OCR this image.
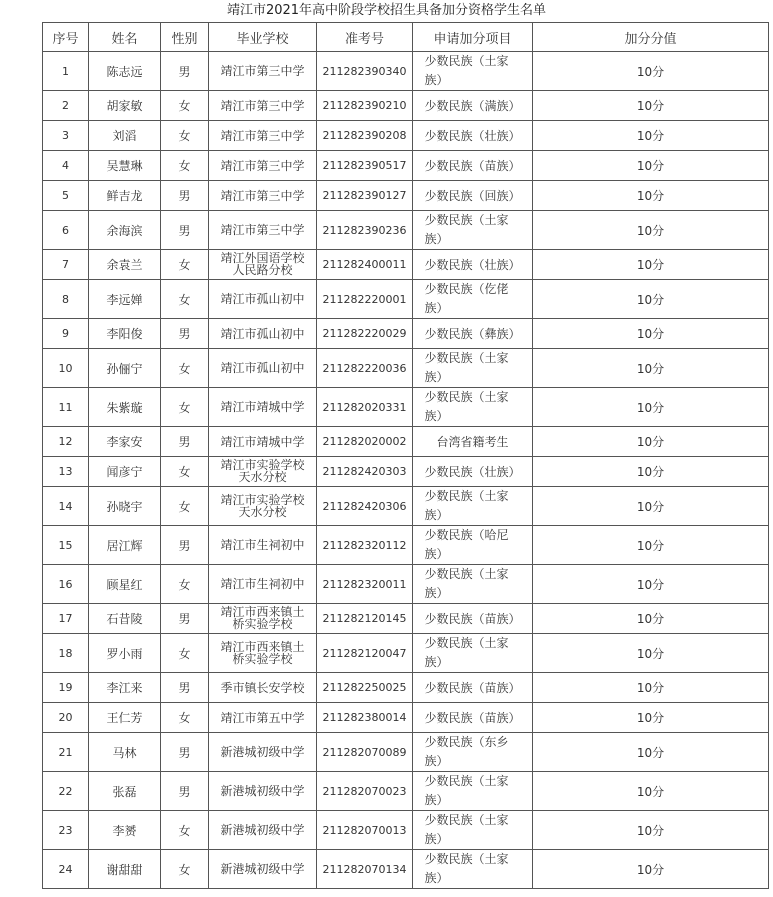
靖江市2021年高中阶段学校招生具备加分资格学生名单
序号	姓名	性别	毕业学校	准考号	申请加分项目	加分分值
1	陈志远	男	靖江市第三中学	211282390340	少数民族（土家族）	10分
2	胡家敏	女	靖江市第三中学	211282390210	少数民族（满族）	10分
3	刘滔	女	靖江市第三中学	211282390208	少数民族（壮族）	10分
4	吴慧琳	女	靖江市第三中学	211282390517	少数民族（苗族）	10分
5	鲜吉龙	男	靖江市第三中学	211282390127	少数民族（回族）	10分
6	余海滨	男	靖江市第三中学	211282390236	少数民族（土家族）	10分
7	余袁兰	女	靖江外国语学校人民路分校	211282400011	少数民族（壮族）	10分
8	李远婵	女	靖江市孤山初中	211282220001	少数民族（仡佬族）	10分
9	李阳俊	男	靖江市孤山初中	211282220029	少数民族（彝族）	10分
10	孙俪宁	女	靖江市孤山初中	211282220036	少数民族（土家族）	10分
11	朱紫璇	女	靖江市靖城中学	211282020331	少数民族（土家族）	10分
12	李家安	男	靖江市靖城中学	211282020002	台湾省籍考生	10分
13	闻彦宁	女	靖江市实验学校天水分校	211282420303	少数民族（壮族）	10分
14	孙晓宇	女	靖江市实验学校天水分校	211282420306	少数民族（土家族）	10分
15	居江辉	男	靖江市生祠初中	211282320112	少数民族（哈尼族）	10分
16	顾星红	女	靖江市生祠初中	211282320011	少数民族（土家族）	10分
17	石昔陵	男	靖江市西来镇土桥实验学校	211282120145	少数民族（苗族）	10分
18	罗小雨	女	靖江市西来镇土桥实验学校	211282120047	少数民族（土家族）	10分
19	李江来	男	季市镇长安学校	211282250025	少数民族（苗族）	10分
20	王仁芳	女	靖江市第五中学	211282380014	少数民族（苗族）	10分
21	马林	男	新港城初级中学	211282070089	少数民族（东乡族）	10分
22	张磊	男	新港城初级中学	211282070023	少数民族（土家族）	10分
23	李赟	女	新港城初级中学	211282070013	少数民族（土家族）	10分
24	谢甜甜	女	新港城初级中学	211282070134	少数民族（土家族）	10分
